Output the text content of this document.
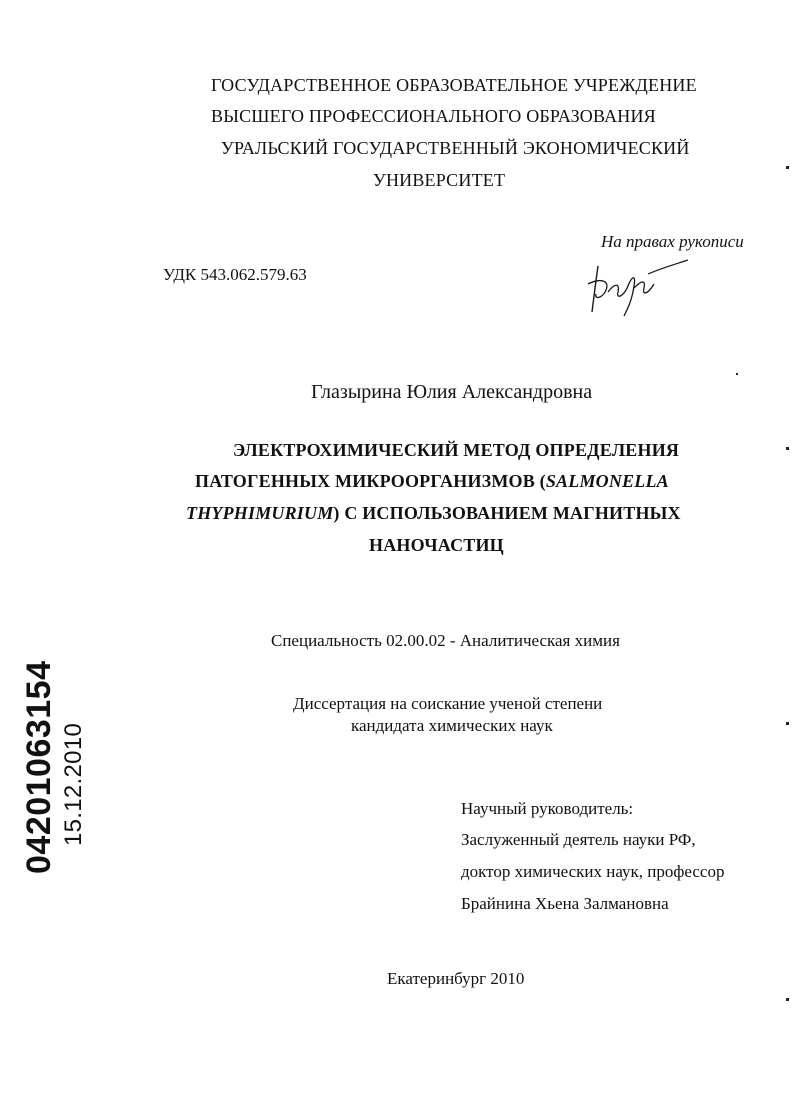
ГОСУДАРСТВЕННОЕ ОБРАЗОВАТЕЛЬНОЕ УЧРЕЖДЕНИЕ
ВЫСШЕГО ПРОФЕССИОНАЛЬНОГО ОБРАЗОВАНИЯ
УРАЛЬСКИЙ ГОСУДАРСТВЕННЫЙ ЭКОНОМИЧЕСКИЙ
УНИВЕРСИТЕТ
На правах рукописи
УДК 543.062.579.63
Глазырина Юлия Александровна
ЭЛЕКТРОХИМИЧЕСКИЙ МЕТОД ОПРЕДЕЛЕНИЯ
ПАТОГЕННЫХ МИКРООРГАНИЗМОВ (SALMONELLA
THYPHIMURIUM) С ИСПОЛЬЗОВАНИЕМ МАГНИТНЫХ
НАНОЧАСТИЦ
Специальность 02.00.02 - Аналитическая химия
Диссертация на соискание ученой степени
кандидата химических наук
Научный руководитель:
Заслуженный деятель науки РФ,
доктор химических наук, профессор
Брайнина Хьена Залмановна
Екатеринбург 2010
04201063154 15.12.2010
